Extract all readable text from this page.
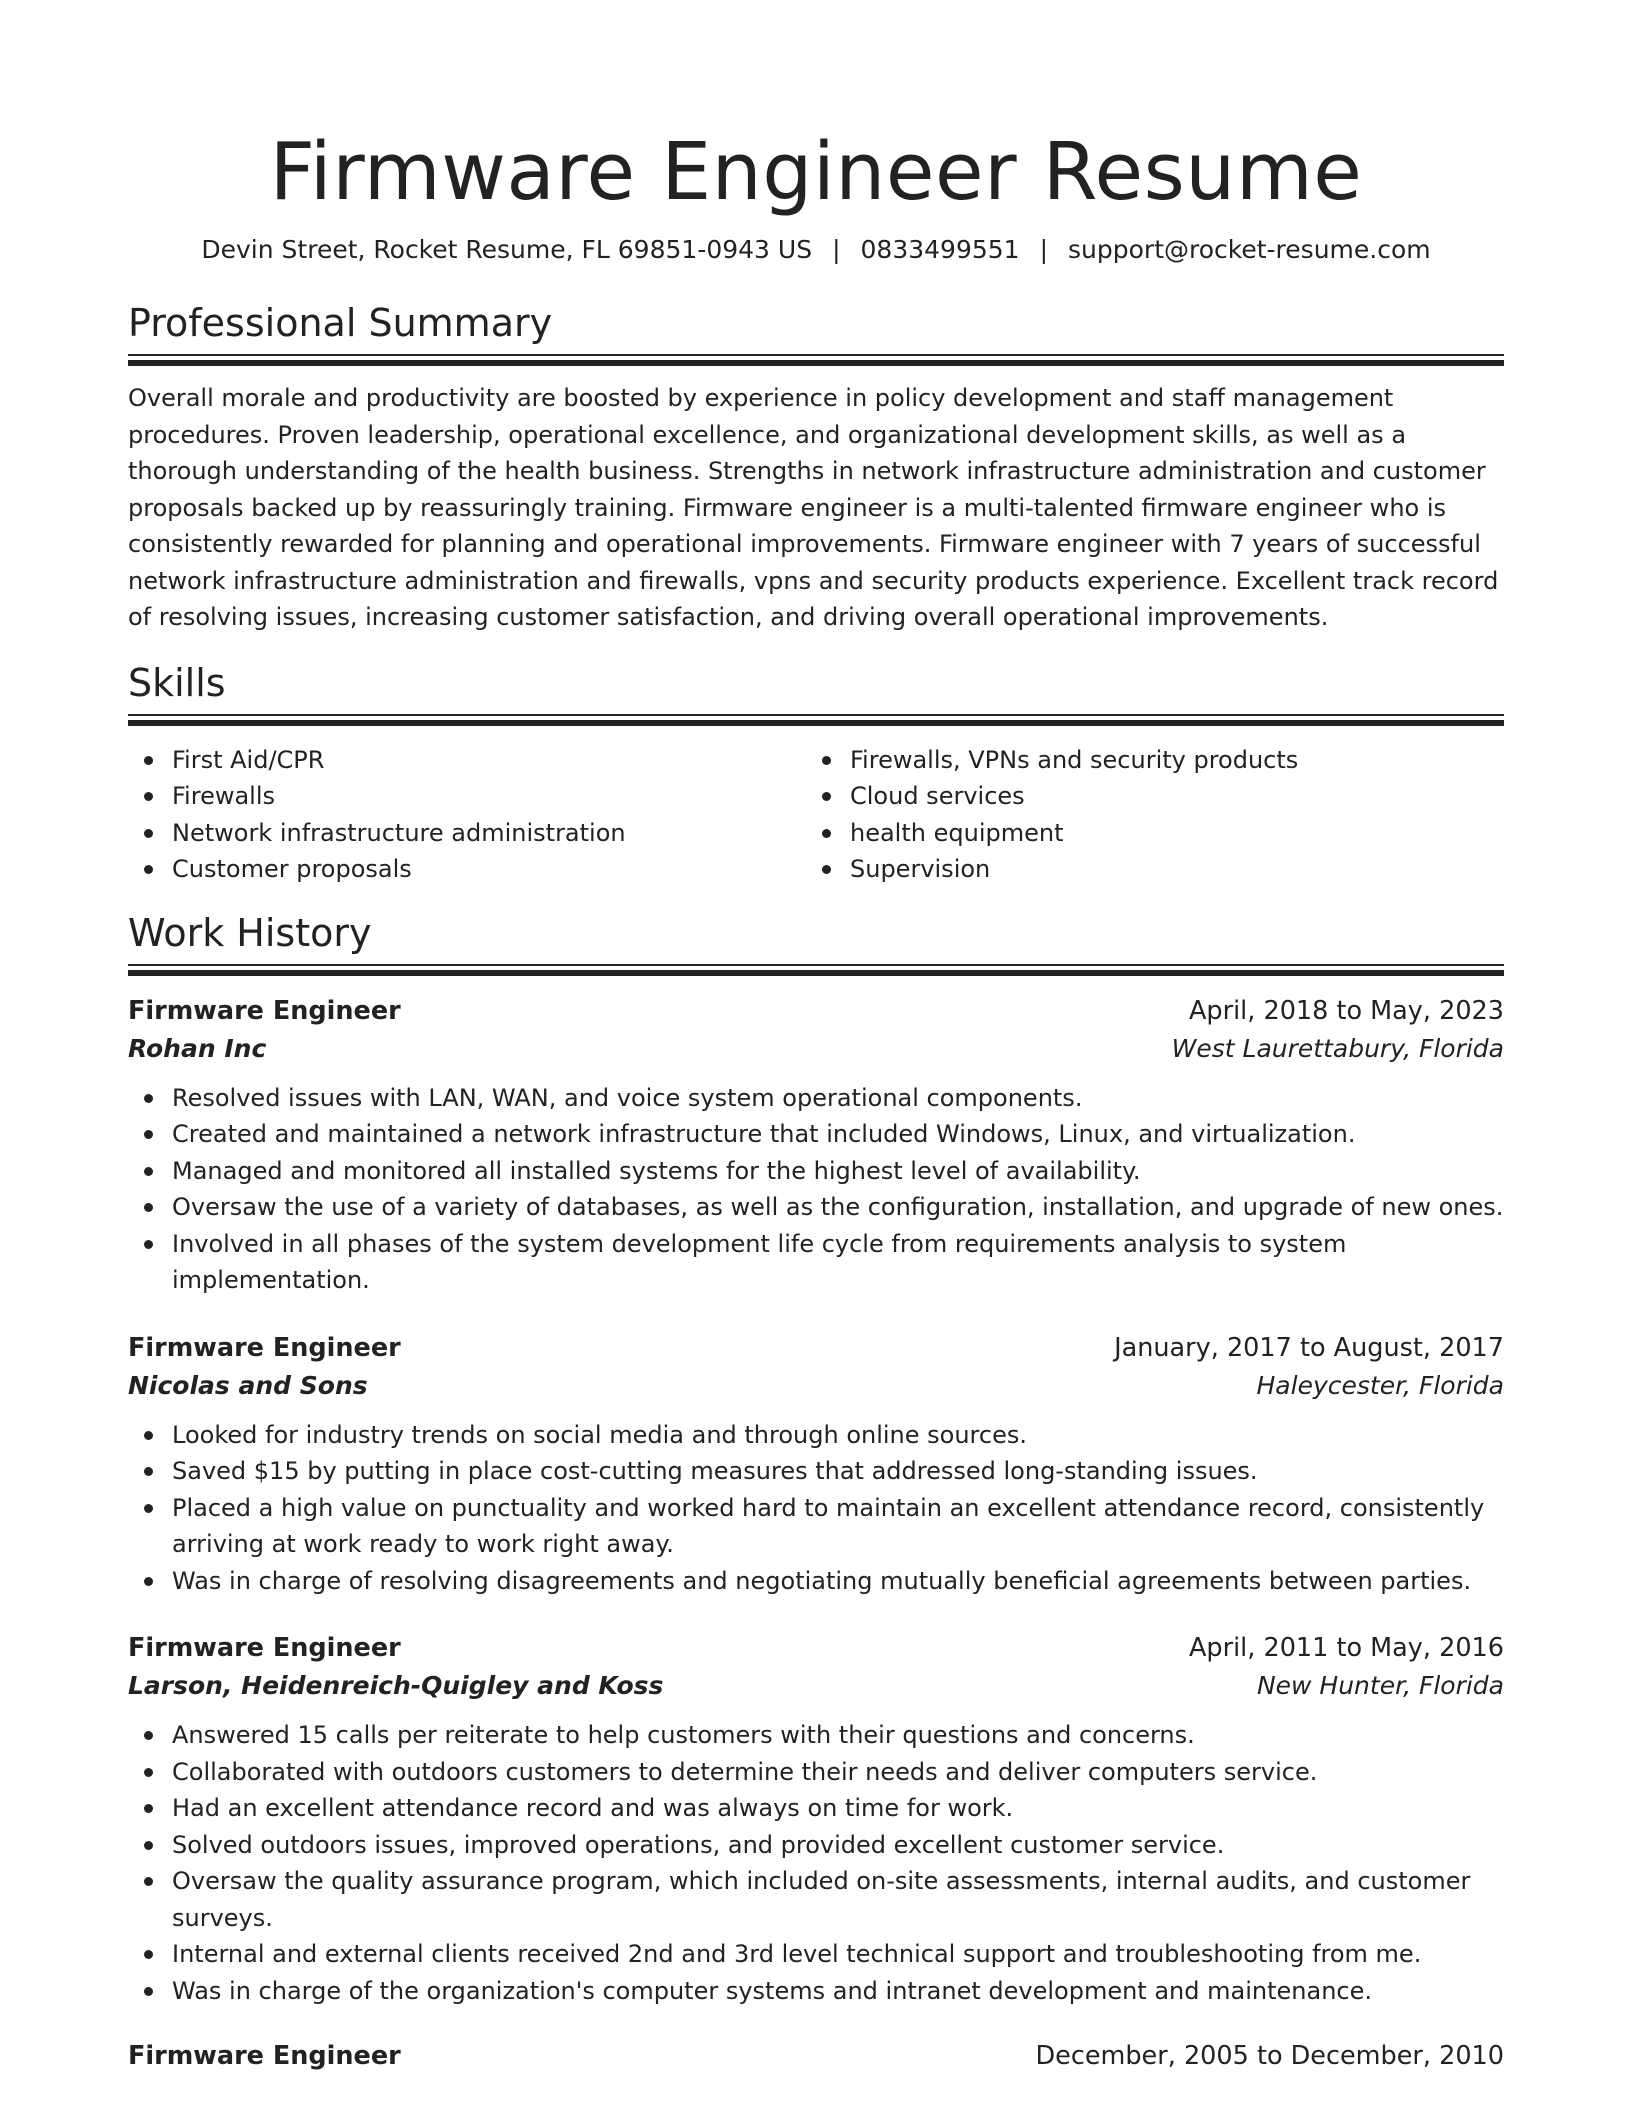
Firmware Engineer Resume
Devin Street, Rocket Resume, FL 69851-0943 US | 0833499551 | support@rocket-resume.com
Professional Summary

Overall morale and productivity are boosted by experience in policy development and staff management procedures. Proven leadership, operational excellence, and organizational development skills, as well as a thorough understanding of the health business. Strengths in network infrastructure administration and customer proposals backed up by reassuringly training. Firmware engineer is a multi-talented firmware engineer who is consistently rewarded for planning and operational improvements. Firmware engineer with 7 years of successful network infrastructure administration and firewalls, vpns and security products experience. Excellent track record of resolving issues, increasing customer satisfaction, and driving overall operational improvements.

Skills
First Aid/CPR
Firewalls
Network infrastructure administration
Customer proposals
Firewalls, VPNs and security products
Cloud services
health equipment
Supervision
Work History
Firmware Engineer	April, 2018 to May, 2023
Rohan Inc	West Laurettabury, Florida
Resolved issues with LAN, WAN, and voice system operational components.
Created and maintained a network infrastructure that included Windows, Linux, and virtualization.
Managed and monitored all installed systems for the highest level of availability.
Oversaw the use of a variety of databases, as well as the configuration, installation, and upgrade of new ones.
Involved in all phases of the system development life cycle from requirements analysis to system implementation.
Firmware Engineer	January, 2017 to August, 2017
Nicolas and Sons	Haleycester, Florida
Looked for industry trends on social media and through online sources.
Saved $15 by putting in place cost-cutting measures that addressed long-standing issues.
Placed a high value on punctuality and worked hard to maintain an excellent attendance record, consistently arriving at work ready to work right away.
Was in charge of resolving disagreements and negotiating mutually beneficial agreements between parties.
Firmware Engineer	April, 2011 to May, 2016
Larson, Heidenreich-Quigley and Koss	New Hunter, Florida
Answered 15 calls per reiterate to help customers with their questions and concerns.
Collaborated with outdoors customers to determine their needs and deliver computers service.
Had an excellent attendance record and was always on time for work.
Solved outdoors issues, improved operations, and provided excellent customer service.
Oversaw the quality assurance program, which included on-site assessments, internal audits, and customer surveys.
Internal and external clients received 2nd and 3rd level technical support and troubleshooting from me.
Was in charge of the organization's computer systems and intranet development and maintenance.
Firmware Engineer	December, 2005 to December, 2010
